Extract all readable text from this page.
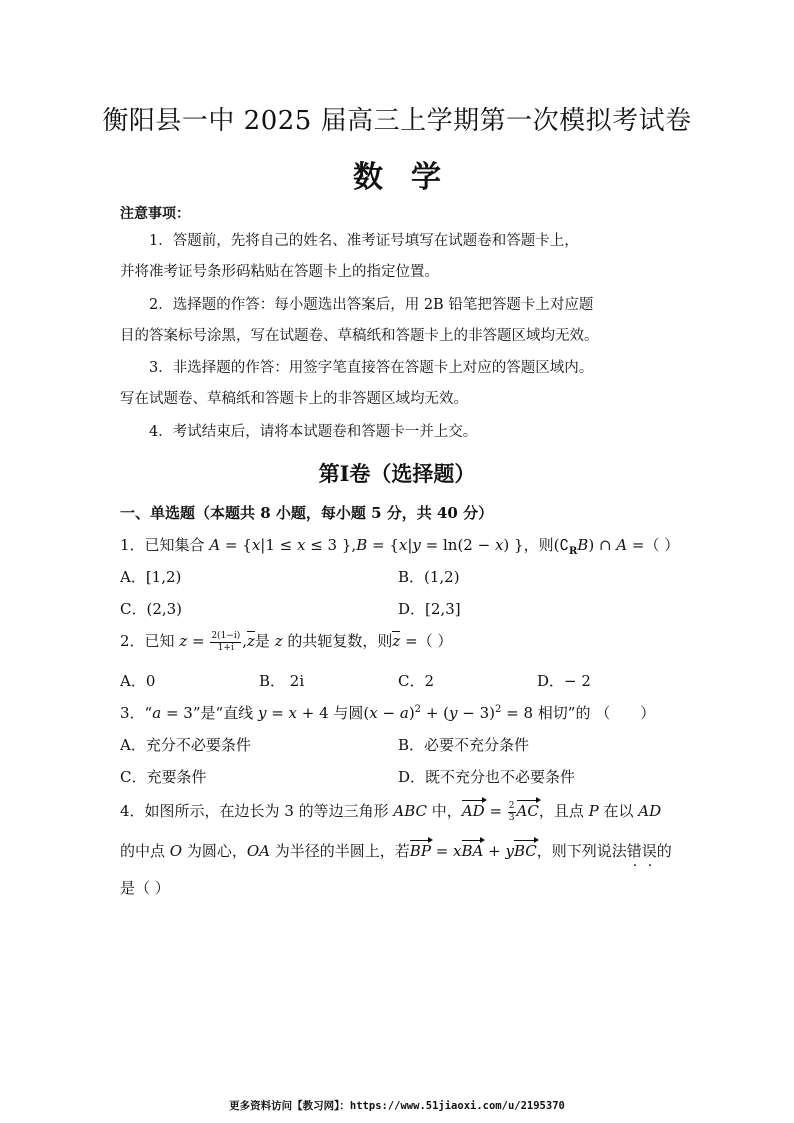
衡阳县一中 2025 届高三上学期第一次模拟考试卷
数学
注意事项：
1．答题前，先将自己的姓名、准考证号填写在试题卷和答题卡上，
并将准考证号条形码粘贴在答题卡上的指定位置。
2．选择题的作答：每小题选出答案后，用 2B 铅笔把答题卡上对应题
目的答案标号涂黑，写在试题卷、草稿纸和答题卡上的非答题区域均无效。
3．非选择题的作答：用签字笔直接答在答题卡上对应的答题区域内。
写在试题卷、草稿纸和答题卡上的非答题区域均无效。
4．考试结束后，请将本试题卷和答题卡一并上交。
第Ⅰ卷（选择题）
一、单选题（本题共 8 小题，每小题 5 分，共 40 分）
1．已知集合 A = {x|1 ≤ x ≤ 3 },B = {x|y = ln(2 − x) }，则$(∁_RB)$ ∩ A =（ ）
A．[1,2)	B．(1,2)
C．(2,3)	D．[2,3]
2．已知 $z = \frac{2(1-i)}{1+i} ,z$是 z 的共轭复数，则z =（ ）
A．0	B． 2i	C．2	D．− 2
3．“a = 3”是“直线 y = x + 4 与圆$(x - a)^2 + (y - 3)^2 = 8$ 相切”的 （　　）
A．充分不必要条件	B．必要不充分条件
C．充要条件	D．既不充分也不必要条件
4．如图所示，在边长为 3 的等边三角形 ABC 中，AD = $\frac{2}{3}$ AC，且点 P 在以 AD
的中点 O 为圆心，OA 为半径的半圆上，若BP = xBA + yBC，则下列说法错误的
是（ ）
更多资料访问【教习网】：https://www.51jiaoxi.com/u/2195370
